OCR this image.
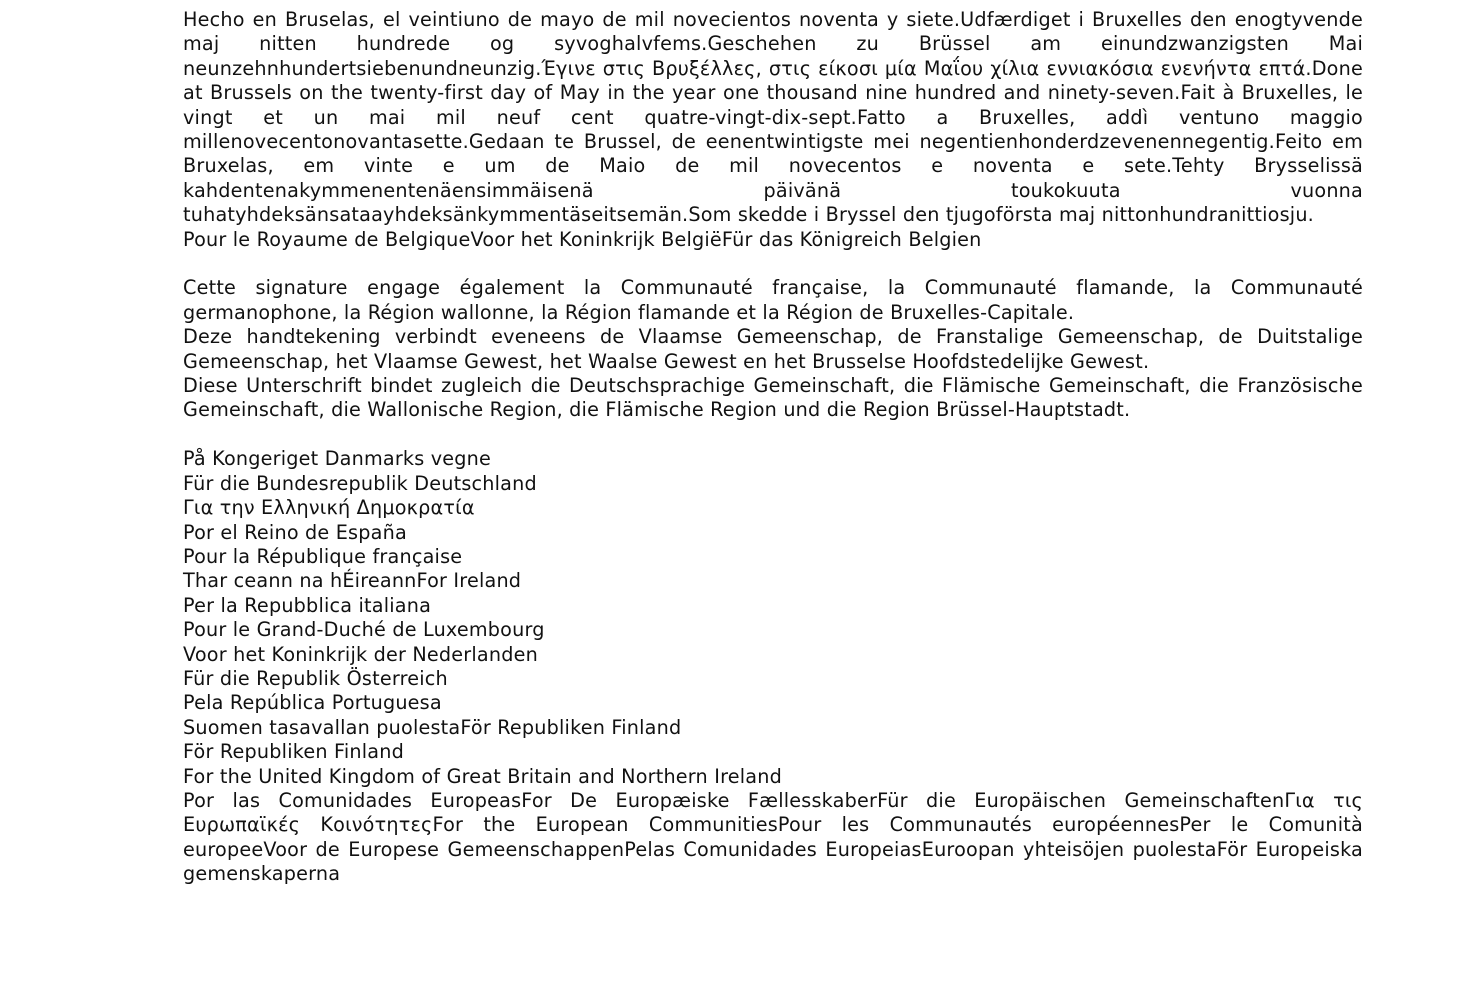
Hecho en Bruselas, el veintiuno de mayo de mil novecientos noventa y siete.Udfærdiget i Bruxelles den enogtyvende maj nitten hundrede og syvoghalvfems.Geschehen zu Brüssel am einundzwanzigsten Mai neunzehnhundertsiebenundneunzig.Έγινε στις Βρυξέλλες, στις είκοσι μία Μαΐου χίλια εννιακόσια ενενήντα επτά.Done at Brussels on the twenty-first day of May in the year one thousand nine hundred and ninety-seven.Fait à Bruxelles, le vingt et un mai mil neuf cent quatre-vingt-dix-sept.Fatto a Bruxelles, addì ventuno maggio millenovecentonovantasette.Gedaan te Brussel, de eenentwintigste mei negentienhonderdzevenennegentig.Feito em Bruxelas, em vinte e um de Maio de mil novecentos e noventa e sete.Tehty Brysselissä kahdentenakymmenentenäensimmäisenä päivänä toukokuuta vuonna tuhatyhdeksänsataayhdeksänkymmentäseitsemän.Som skedde i Bryssel den tjugoförsta maj nittonhundranittiosju.

Pour le Royaume de BelgiqueVoor het Koninkrijk BelgiëFür das Königreich Belgien

Cette signature engage également la Communauté française, la Communauté flamande, la Communauté germanophone, la Région wallonne, la Région flamande et la Région de Bruxelles-Capitale.

Deze handtekening verbindt eveneens de Vlaamse Gemeenschap, de Franstalige Gemeenschap, de Duitstalige Gemeenschap, het Vlaamse Gewest, het Waalse Gewest en het Brusselse Hoofdstedelijke Gewest.

Diese Unterschrift bindet zugleich die Deutschsprachige Gemeinschaft, die Flämische Gemeinschaft, die Französische Gemeinschaft, die Wallonische Region, die Flämische Region und die Region Brüssel-Hauptstadt.

På Kongeriget Danmarks vegne
Für die Bundesrepublik Deutschland
Για την Ελληνική Δημοκρατία
Por el Reino de España
Pour la République française
Thar ceann na hÉireannFor Ireland
Per la Repubblica italiana
Pour le Grand-Duché de Luxembourg
Voor het Koninkrijk der Nederlanden
Für die Republik Österreich
Pela República Portuguesa
Suomen tasavallan puolestaFör Republiken Finland
För Republiken Finland
For the United Kingdom of Great Britain and Northern Ireland
Por las Comunidades EuropeasFor De Europæiske FællesskaberFür die Europäischen GemeinschaftenΓια τις Ευρωπαϊκές ΚοινότητεςFor the European CommunitiesPour les Communautés européennesPer le Comunità europeeVoor de Europese GemeenschappenPelas Comunidades EuropeiasEuroopan yhteisöjen puolestaFör Europeiska gemenskaperna
